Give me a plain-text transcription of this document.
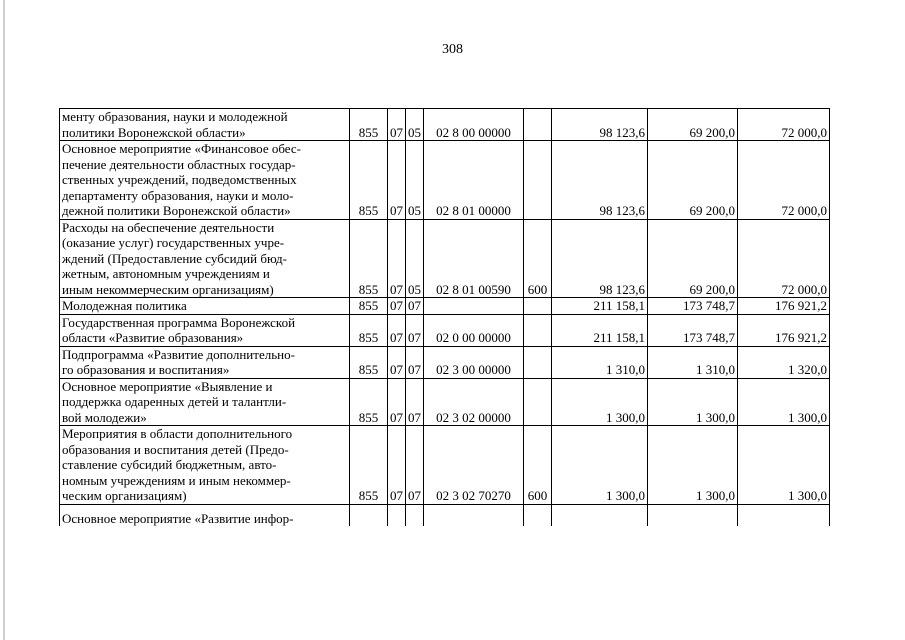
308
менту образования, науки и молодежной
политики Воронежской области»	855	07	05	02 8 00 00000		98 123,6	69 200,0	72 000,0
Основное мероприятие «Финансовое обес-
печение деятельности областных государ-
ственных учреждений, подведомственных
департаменту образования, науки и моло-
дежной политики Воронежской области»	855	07	05	02 8 01 00000		98 123,6	69 200,0	72 000,0
Расходы на обеспечение деятельности
(оказание услуг) государственных учре-
ждений (Предоставление субсидий бюд-
жетным, автономным учреждениям и
иным некоммерческим организациям)	855	07	05	02 8 01 00590	600	98 123,6	69 200,0	72 000,0
Молодежная политика	855	07	07			211 158,1	173 748,7	176 921,2
Государственная программа Воронежской
области «Развитие образования»	855	07	07	02 0 00 00000		211 158,1	173 748,7	176 921,2
Подпрограмма «Развитие дополнительно-
го образования и воспитания»	855	07	07	02 3 00 00000		1 310,0	1 310,0	1 320,0
Основное мероприятие «Выявление и
поддержка одаренных детей и талантли-
вой молодежи»	855	07	07	02 3 02 00000		1 300,0	1 300,0	1 300,0
Мероприятия в области дополнительного
образования и воспитания детей (Предо-
ставление субсидий бюджетным, авто-
номным учреждениям и иным некоммер-
ческим организациям)	855	07	07	02 3 02 70270	600	1 300,0	1 300,0	1 300,0
Основное мероприятие «Развитие инфор-								
